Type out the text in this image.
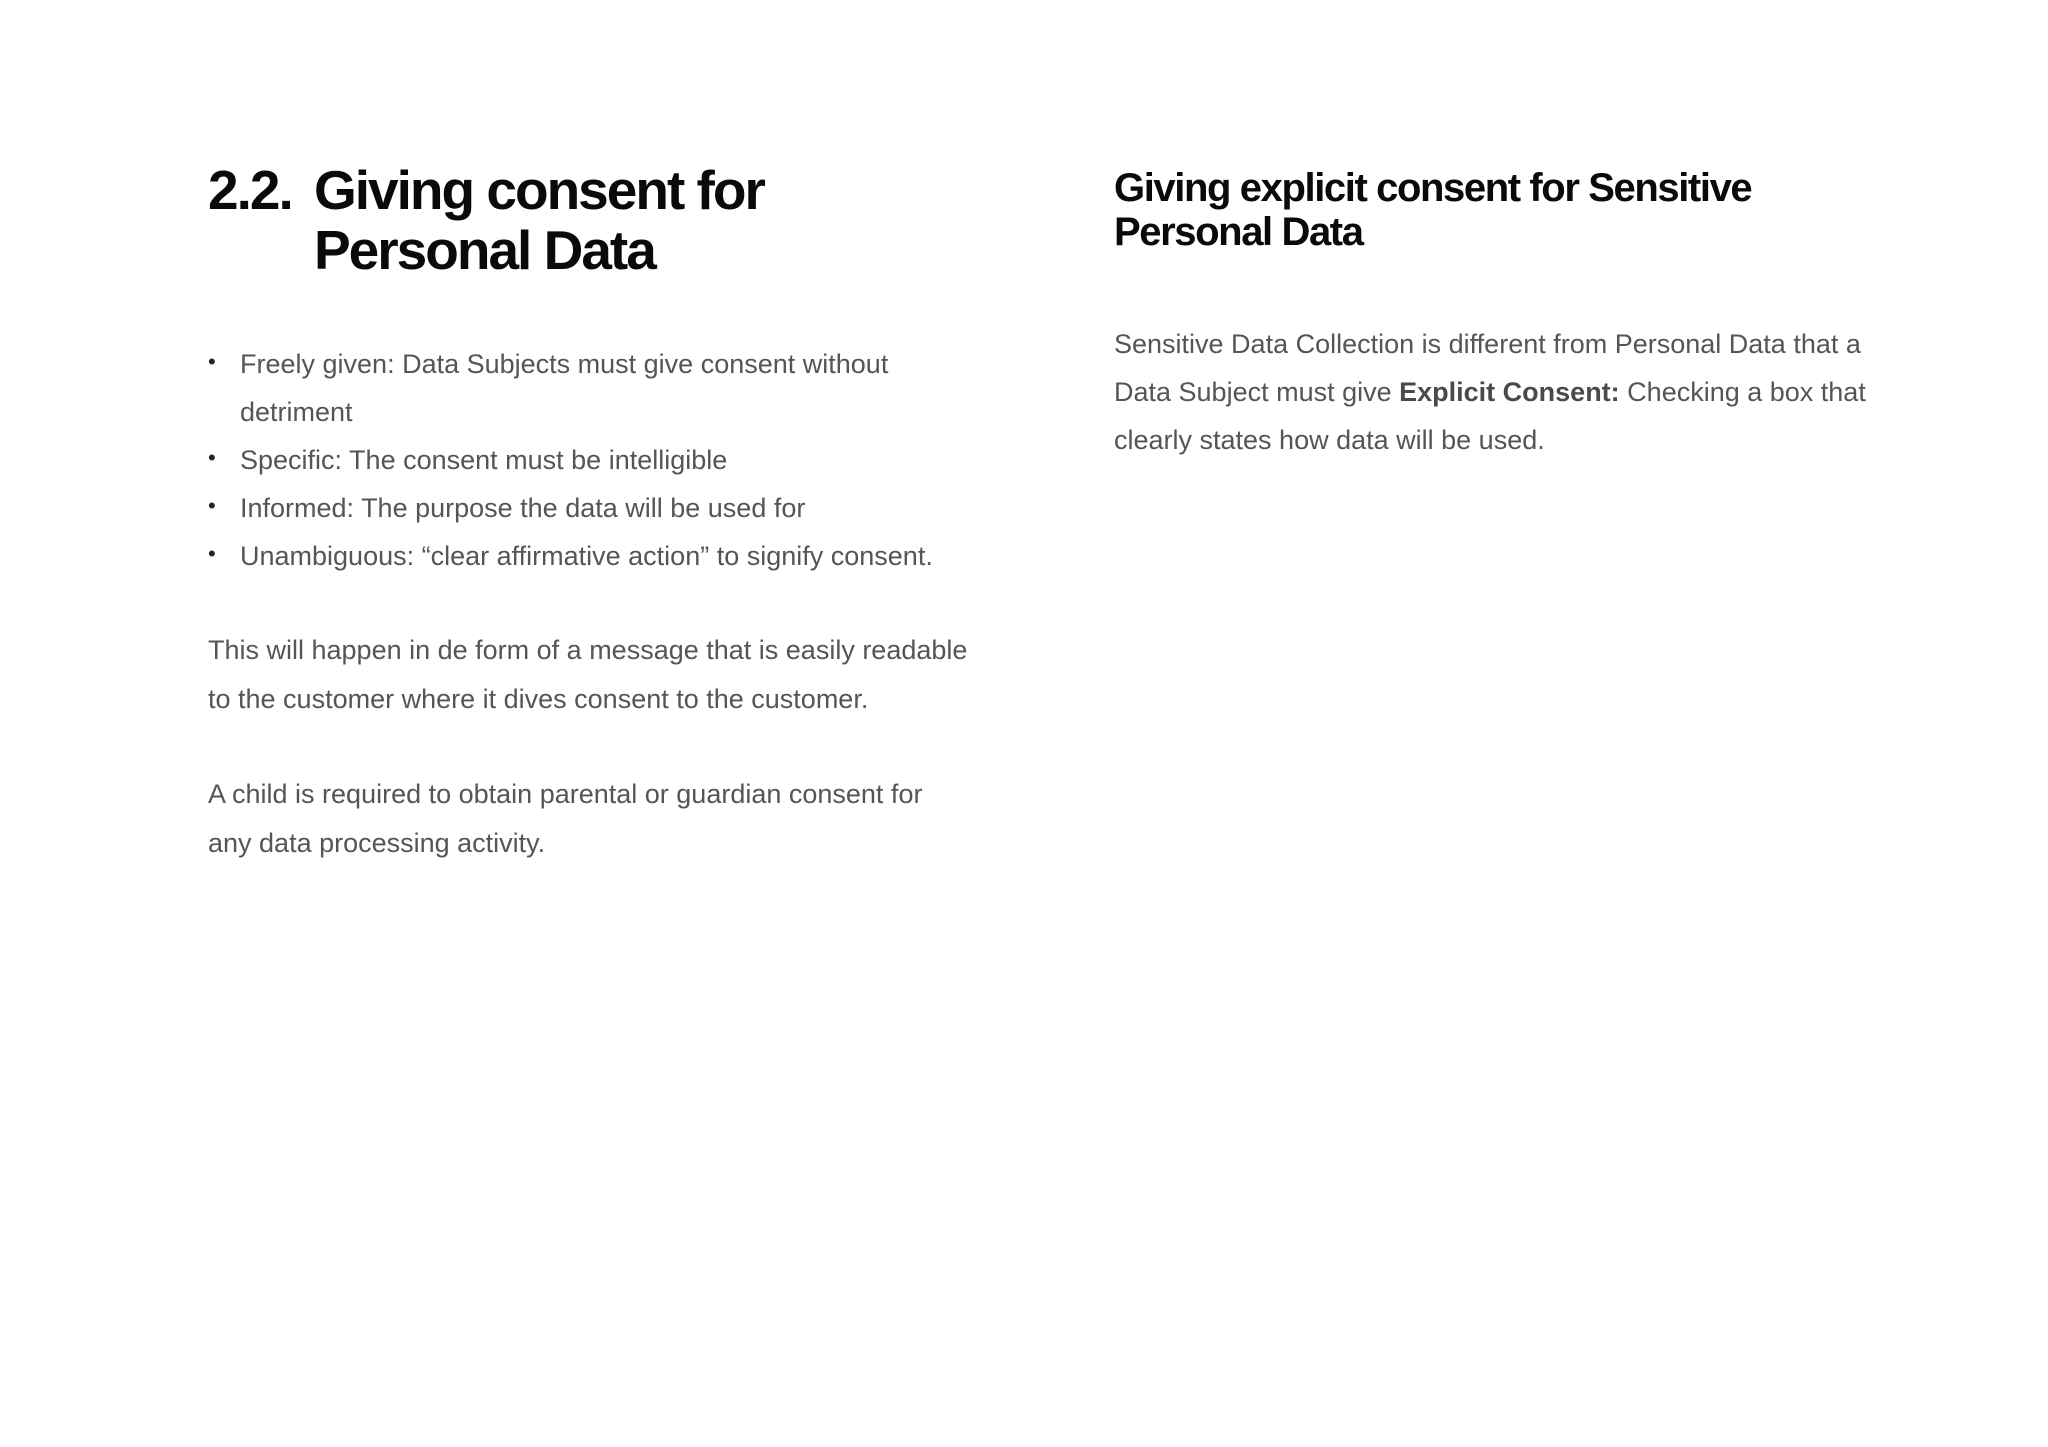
2.2. Giving consent for Personal Data
• Freely given: Data Subjects must give consent without detriment
• Specific: The consent must be intelligible
• Informed: The purpose the data will be used for
• Unambiguous: “clear affirmative action” to signify consent.

This will happen in de form of a message that is easily readable to the customer where it dives consent to the customer.

A child is required to obtain parental or guardian consent for any data processing activity.

Giving explicit consent for Sensitive Personal Data

Sensitive Data Collection is different from Personal Data that a Data Subject must give Explicit Consent: Checking a box that clearly states how data will be used.
